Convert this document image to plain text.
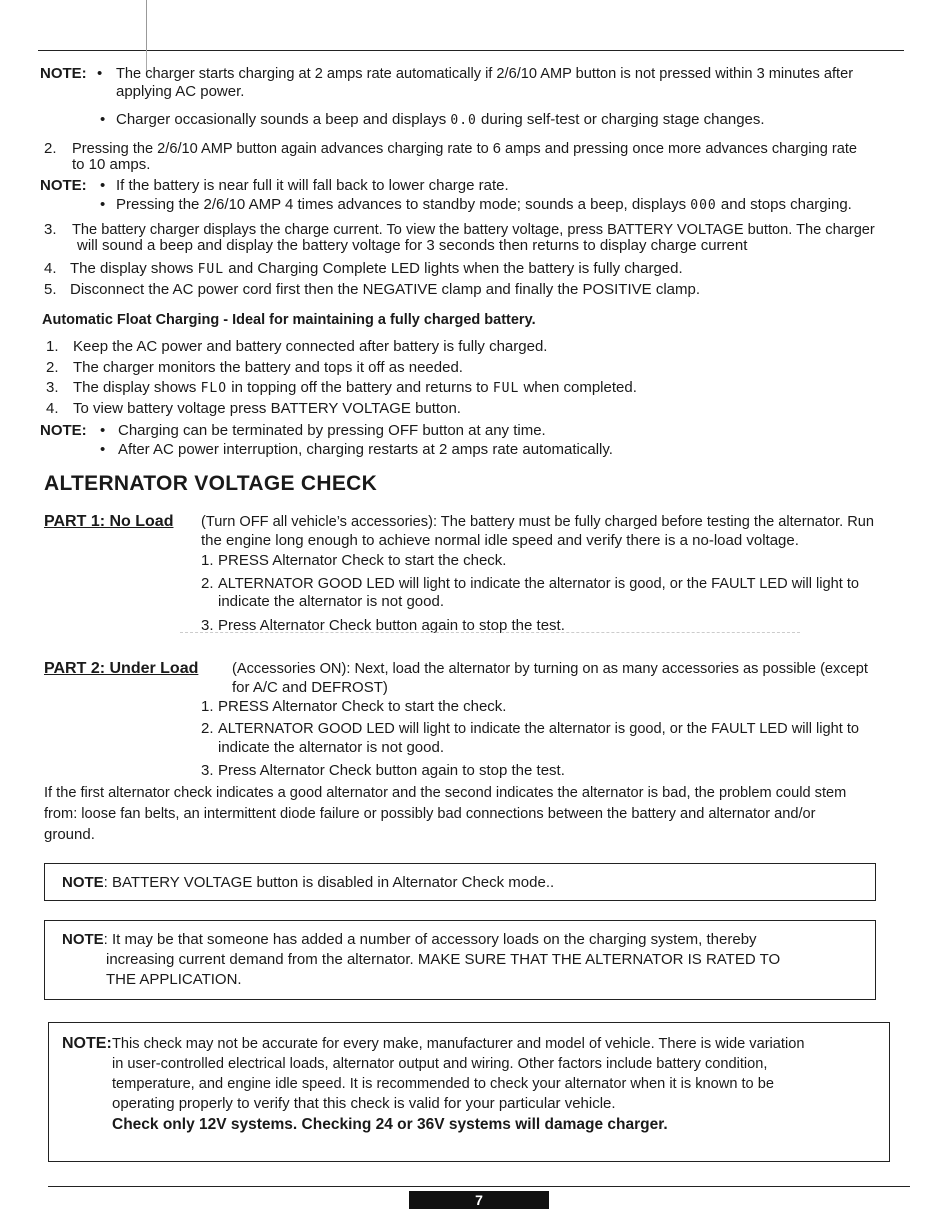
NOTE: • The charger starts charging at 2 amps rate automatically if 2/6/10 AMP button is not pressed within 3 minutes after
applying AC power.
• Charger occasionally sounds a beep and displays 0.0 during self-test or charging stage changes.
2. Pressing the 2/6/10 AMP button again advances charging rate to 6 amps and pressing once more advances charging rate
to 10 amps.
NOTE: • If the battery is near full it will fall back to lower charge rate.
• Pressing the 2/6/10 AMP 4 times advances to standby mode; sounds a beep, displays 000 and stops charging.
3. The battery charger displays the charge current. To view the battery voltage, press BATTERY VOLTAGE button. The charger
will sound a beep and display the battery voltage for 3 seconds then returns to display charge current
4. The display shows FUL and Charging Complete LED lights when the battery is fully charged.
5. Disconnect the AC power cord first then the NEGATIVE clamp and finally the POSITIVE clamp.
Automatic Float Charging - Ideal for maintaining a fully charged battery.
1. Keep the AC power and battery connected after battery is fully charged.
2. The charger monitors the battery and tops it off as needed.
3. The display shows FLO in topping off the battery and returns to FUL when completed.
4. To view battery voltage press BATTERY VOLTAGE button.
NOTE: • Charging can be terminated by pressing OFF button at any time.
• After AC power interruption, charging restarts at 2 amps rate automatically.
ALTERNATOR VOLTAGE CHECK
PART 1: No Load (Turn OFF all vehicle’s accessories): The battery must be fully charged before testing the alternator. Run
the engine long enough to achieve normal idle speed and verify there is a no-load voltage.
1. PRESS Alternator Check to start the check.
2. ALTERNATOR GOOD LED will light to indicate the alternator is good, or the FAULT LED will light to
indicate the alternator is not good.
3. Press Alternator Check button again to stop the test.
PART 2: Under Load (Accessories ON): Next, load the alternator by turning on as many accessories as possible (except
for A/C and DEFROST)
1. PRESS Alternator Check to start the check.
2. ALTERNATOR GOOD LED will light to indicate the alternator is good, or the FAULT LED will light to
indicate the alternator is not good.
3. Press Alternator Check button again to stop the test.
If the first alternator check indicates a good alternator and the second indicates the alternator is bad, the problem could stem
from: loose fan belts, an intermittent diode failure or possibly bad connections between the battery and alternator and/or
ground.
NOTE: BATTERY VOLTAGE button is disabled in Alternator Check mode..
NOTE: It may be that someone has added a number of accessory loads on the charging system, thereby
increasing current demand from the alternator. MAKE SURE THAT THE ALTERNATOR IS RATED TO
THE APPLICATION.
NOTE: This check may not be accurate for every make, manufacturer and model of vehicle. There is wide variation
in user-controlled electrical loads, alternator output and wiring. Other factors include battery condition,
temperature, and engine idle speed. It is recommended to check your alternator when it is known to be
operating properly to verify that this check is valid for your particular vehicle.
Check only 12V systems. Checking 24 or 36V systems will damage charger.
7
